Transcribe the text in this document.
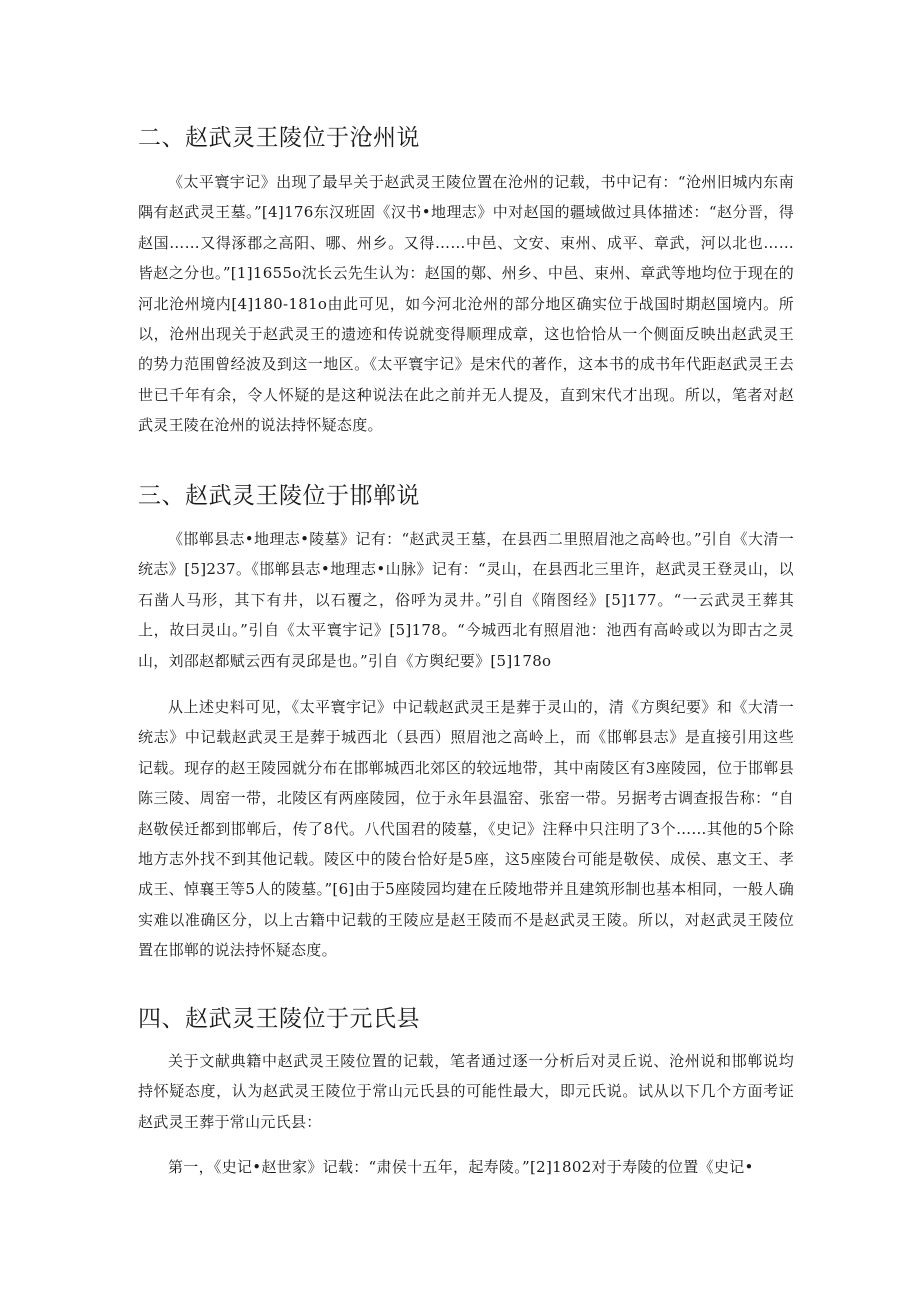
二、赵武灵王陵位于沧州说

《太平寰宇记》出现了最早关于赵武灵王陵位置在沧州的记载，书中记有：“沧州旧城内东南隅有赵武灵王墓。”[4]176东汉班固《汉书•地理志》中对赵国的疆域做过具体描述：“赵分晋，得赵国……又得涿郡之高阳、哪、州乡。又得……中邑、文安、束州、成平、章武，河以北也……皆赵之分也。”[1]1655o沈长云先生认为：赵国的鄚、州乡、中邑、束州、章武等地均位于现在的河北沧州境内[4]180-181o由此可见，如今河北沧州的部分地区确实位于战国时期赵国境内。所以，沧州出现关于赵武灵王的遗迹和传说就变得顺理成章，这也恰恰从一个侧面反映出赵武灵王的势力范围曾经波及到这一地区。《太平寰宇记》是宋代的著作，这本书的成书年代距赵武灵王去世已千年有余，令人怀疑的是这种说法在此之前并无人提及，直到宋代才出现。所以，笔者对赵武灵王陵在沧州的说法持怀疑态度。

三、赵武灵王陵位于邯郸说

《邯郸县志•地理志•陵墓》记有：“赵武灵王墓，在县西二里照眉池之高岭也。”引自《大清一统志》[5]237。《邯郸县志•地理志•山脉》记有：“灵山，在县西北三里许，赵武灵王登灵山，以石凿人马形，其下有井，以石覆之，俗呼为灵井。”引自《隋图经》[5]177。“一云武灵王葬其上，故曰灵山。”引自《太平寰宇记》[5]178。“今城西北有照眉池：池西有高岭或以为即古之灵山，刘邵赵都赋云西有灵邱是也。”引自《方舆纪要》[5]178o

从上述史料可见，《太平寰宇记》中记载赵武灵王是葬于灵山的，清《方舆纪要》和《大清一统志》中记载赵武灵王是葬于城西北（县西）照眉池之高岭上，而《邯郸县志》是直接引用这些记载。现存的赵王陵园就分布在邯郸城西北郊区的较远地带，其中南陵区有3座陵园，位于邯郸县陈三陵、周窑一带，北陵区有两座陵园，位于永年县温窑、张窑一带。另据考古调查报告称：“自赵敬侯迁都到邯郸后，传了8代。八代国君的陵墓，《史记》注释中只注明了3个……其他的5个除地方志外找不到其他记载。陵区中的陵台恰好是5座，这5座陵台可能是敬侯、成侯、惠文王、孝成王、悼襄王等5人的陵墓。”[6]由于5座陵园均建在丘陵地带并且建筑形制也基本相同，一般人确实难以准确区分，以上古籍中记载的王陵应是赵王陵而不是赵武灵王陵。所以，对赵武灵王陵位置在邯郸的说法持怀疑态度。

四、赵武灵王陵位于元氏县

关于文献典籍中赵武灵王陵位置的记载，笔者通过逐一分析后对灵丘说、沧州说和邯郸说均持怀疑态度，认为赵武灵王陵位于常山元氏县的可能性最大，即元氏说。试从以下几个方面考证赵武灵王葬于常山元氏县：

第一，《史记•赵世家》记载：“肃侯十五年，起寿陵。”[2]1802对于寿陵的位置《史记•
